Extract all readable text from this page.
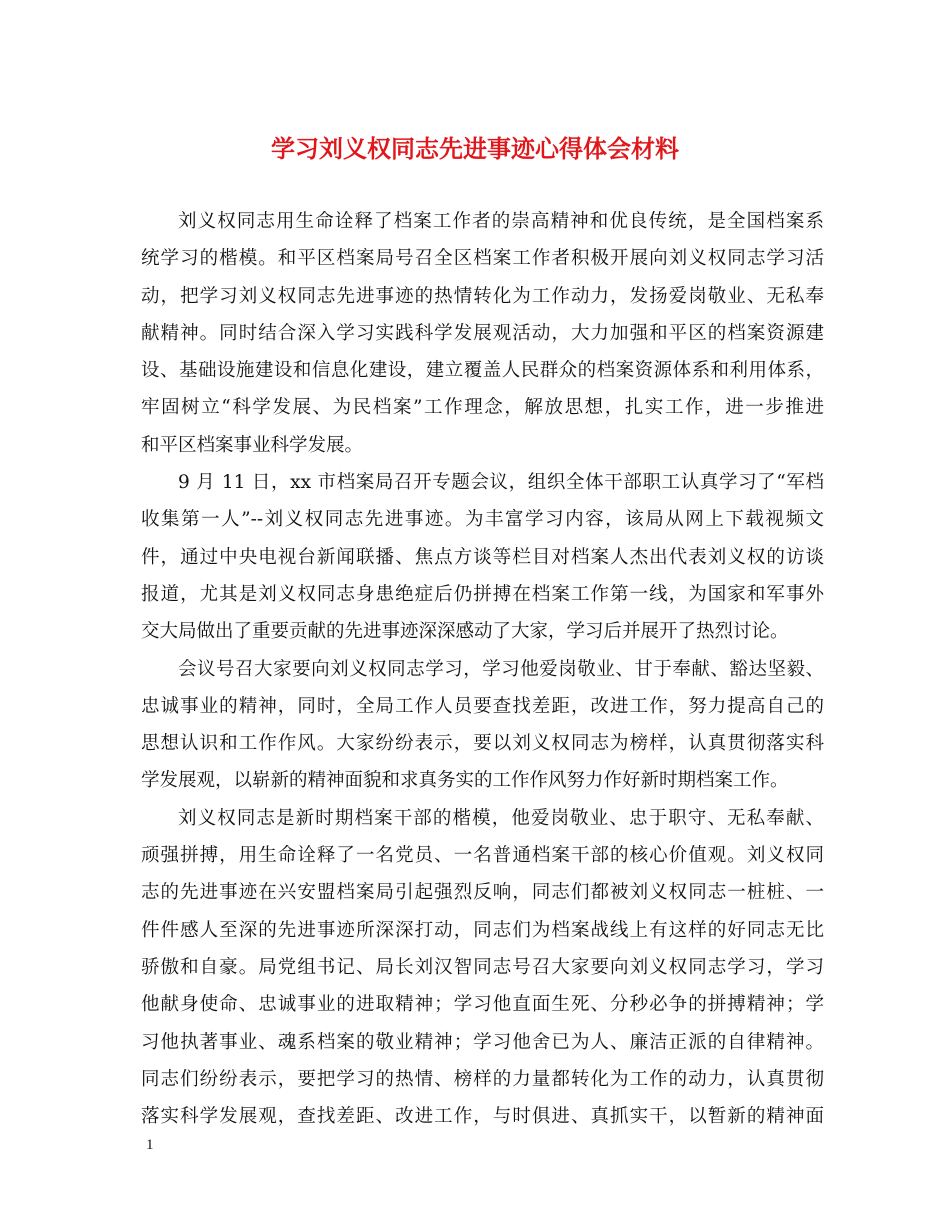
学习刘义权同志先进事迹心得体会材料
刘义权同志用生命诠释了档案工作者的崇高精神和优良传统，是全国档案系
统学习的楷模。和平区档案局号召全区档案工作者积极开展向刘义权同志学习活
动，把学习刘义权同志先进事迹的热情转化为工作动力，发扬爱岗敬业、无私奉
献精神。同时结合深入学习实践科学发展观活动，大力加强和平区的档案资源建
设、基础设施建设和信息化建设，建立覆盖人民群众的档案资源体系和利用体系，
牢固树立“科学发展、为民档案”工作理念，解放思想，扎实工作，进一步推进
和平区档案事业科学发展。
9 月 11 日，xx 市档案局召开专题会议，组织全体干部职工认真学习了“军档
收集第一人”--刘义权同志先进事迹。为丰富学习内容，该局从网上下载视频文
件，通过中央电视台新闻联播、焦点方谈等栏目对档案人杰出代表刘义权的访谈
报道，尤其是刘义权同志身患绝症后仍拼搏在档案工作第一线，为国家和军事外
交大局做出了重要贡献的先进事迹深深感动了大家，学习后并展开了热烈讨论。
会议号召大家要向刘义权同志学习，学习他爱岗敬业、甘于奉献、豁达坚毅、
忠诚事业的精神，同时，全局工作人员要查找差距，改进工作，努力提高自己的
思想认识和工作作风。大家纷纷表示，要以刘义权同志为榜样，认真贯彻落实科
学发展观，以崭新的精神面貌和求真务实的工作作风努力作好新时期档案工作。
刘义权同志是新时期档案干部的楷模，他爱岗敬业、忠于职守、无私奉献、
顽强拼搏，用生命诠释了一名党员、一名普通档案干部的核心价值观。刘义权同
志的先进事迹在兴安盟档案局引起强烈反响，同志们都被刘义权同志一桩桩、一
件件感人至深的先进事迹所深深打动，同志们为档案战线上有这样的好同志无比
骄傲和自豪。局党组书记、局长刘汉智同志号召大家要向刘义权同志学习，学习
他献身使命、忠诚事业的进取精神；学习他直面生死、分秒必争的拼搏精神；学
习他执著事业、魂系档案的敬业精神；学习他舍已为人、廉洁正派的自律精神。
同志们纷纷表示，要把学习的热情、榜样的力量都转化为工作的动力，认真贯彻
落实科学发展观，查找差距、改进工作，与时俱进、真抓实干，以暂新的精神面
1
